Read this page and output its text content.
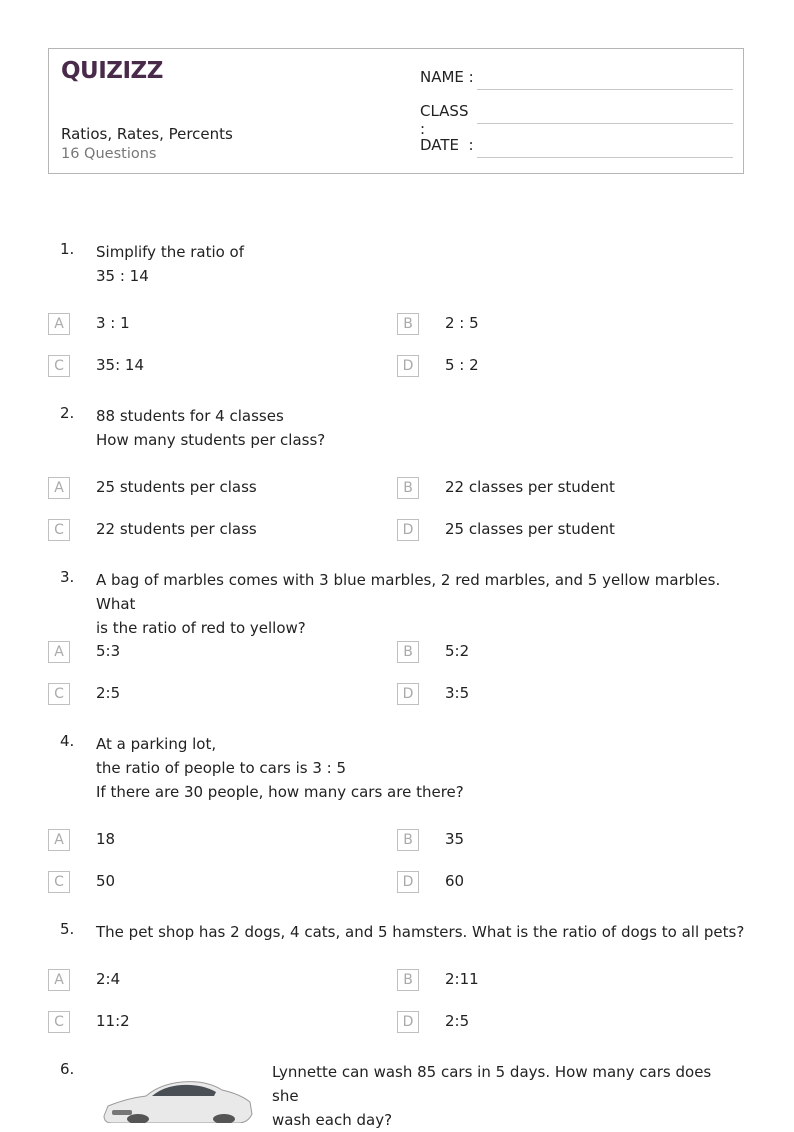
QUIZIZZ
Ratios, Rates, Percents
16 Questions
NAME :
CLASS :
DATE  :
1. Simplify the ratio of
35 : 14
A	3 : 1	B	2 : 5
C	35: 14	D	5 : 2
2. 88 students for 4 classes
How many students per class?
A	25 students per class	B	22 classes per student
C	22 students per class	D	25 classes per student
3. A bag of marbles comes with 3 blue marbles, 2 red marbles, and 5 yellow marbles. What
is the ratio of red to yellow?
A	5:3	B	5:2
C	2:5	D	3:5
4. At a parking lot,
the ratio of people to cars is 3 : 5
If there are 30 people, how many cars are there?
A	18	B	35
C	50	D	60
5. The pet shop has 2 dogs, 4 cats, and 5 hamsters. What is the ratio of dogs to all pets?
A	2:4	B	2:11
C	11:2	D	2:5
6.	Lynnette can wash 85 cars in 5 days. How many cars does she
wash each day?
